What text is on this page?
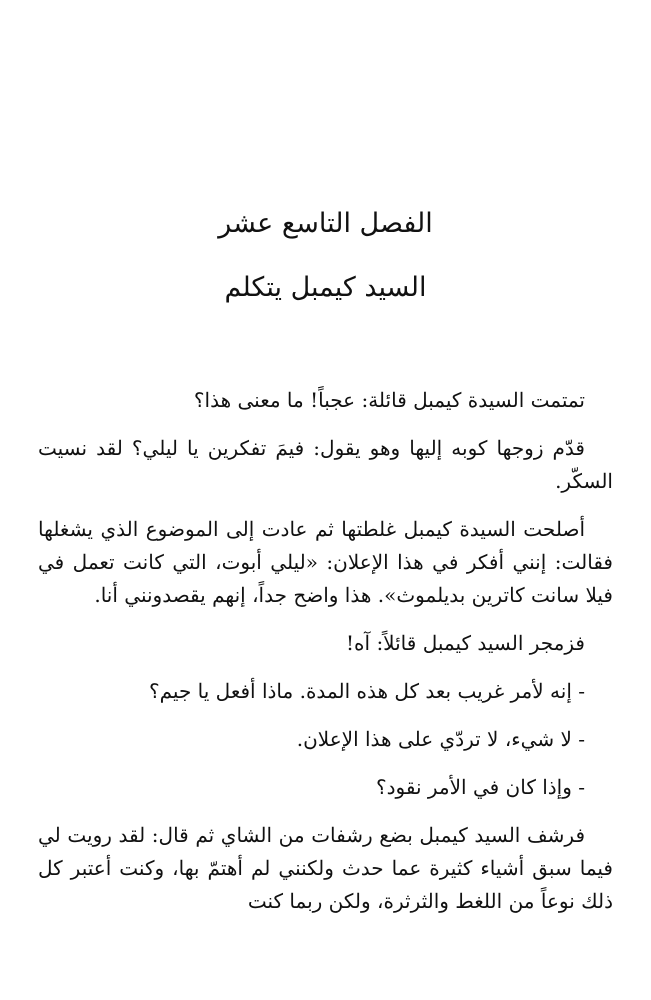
الفصل التاسع عشر
السيد كيمبل يتكلم

تمتمت السيدة كيمبل قائلة: عجباً! ما معنى هذا؟

قدّم زوجها كوبه إليها وهو يقول: فيمَ تفكرين يا ليلي؟ لقد نسيت السكّر.

أصلحت السيدة كيمبل غلطتها ثم عادت إلى الموضوع الذي يشغلها فقالت: إنني أفكر في هذا الإعلان: «ليلي أبوت، التي كانت تعمل في فيلا سانت كاترين بديلموث». هذا واضح جداً، إنهم يقصدونني أنا.

فزمجر السيد كيمبل قائلاً: آه!

- إنه لأمر غريب بعد كل هذه المدة. ماذا أفعل يا جيم؟

- لا شيء، لا تردّي على هذا الإعلان.

- وإذا كان في الأمر نقود؟

فرشف السيد كيمبل بضع رشفات من الشاي ثم قال: لقد رويت لي فيما سبق أشياء كثيرة عما حدث ولكنني لم أهتمّ بها، وكنت أعتبر كل ذلك نوعاً من اللغط والثرثرة، ولكن ربما كنت
